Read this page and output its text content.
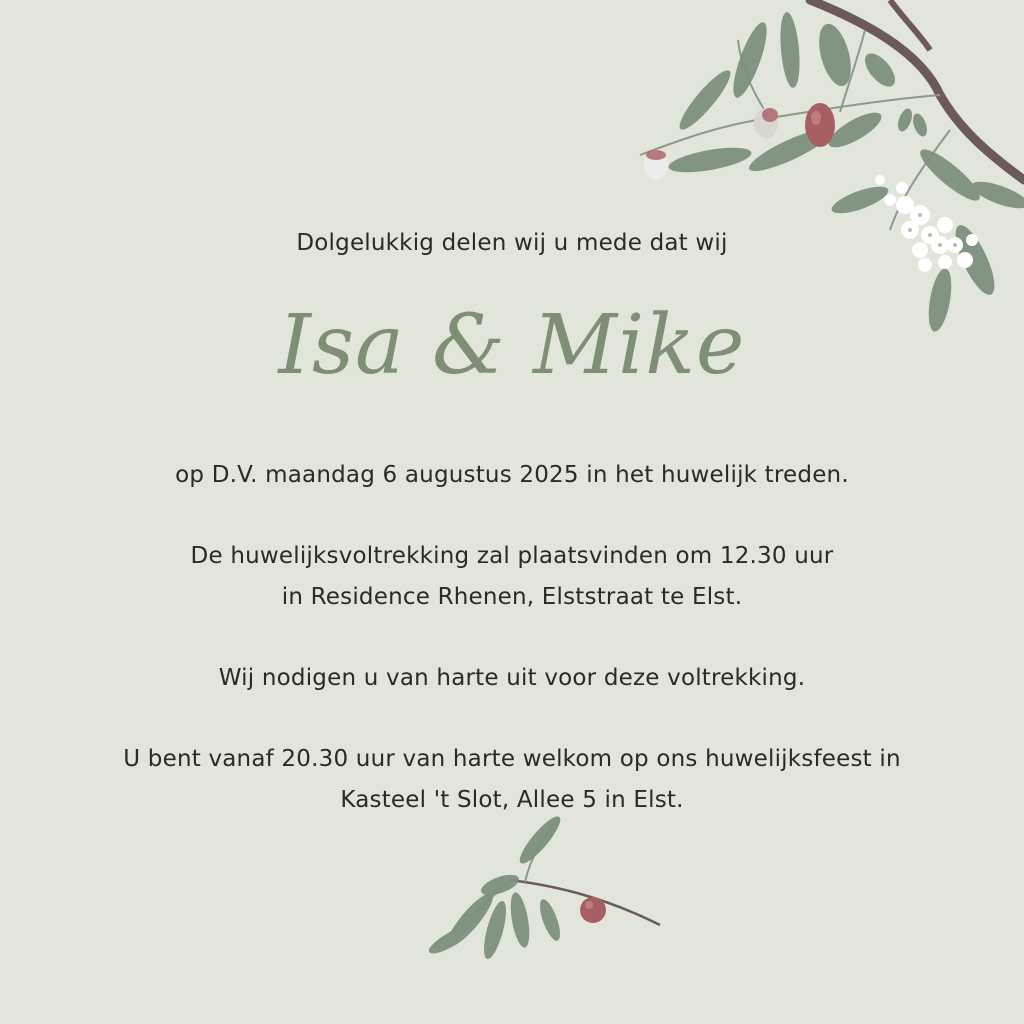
Dolgelukkig delen wij u mede dat wij
Isa & Mike
op D.V. maandag 6 augustus 2025 in het huwelijk treden.
De huwelijksvoltrekking zal plaatsvinden om 12.30 uur
in Residence Rhenen, Elststraat te Elst.
Wij nodigen u van harte uit voor deze voltrekking.
U bent vanaf 20.30 uur van harte welkom op ons huwelijksfeest in
Kasteel 't Slot, Allee 5 in Elst.
